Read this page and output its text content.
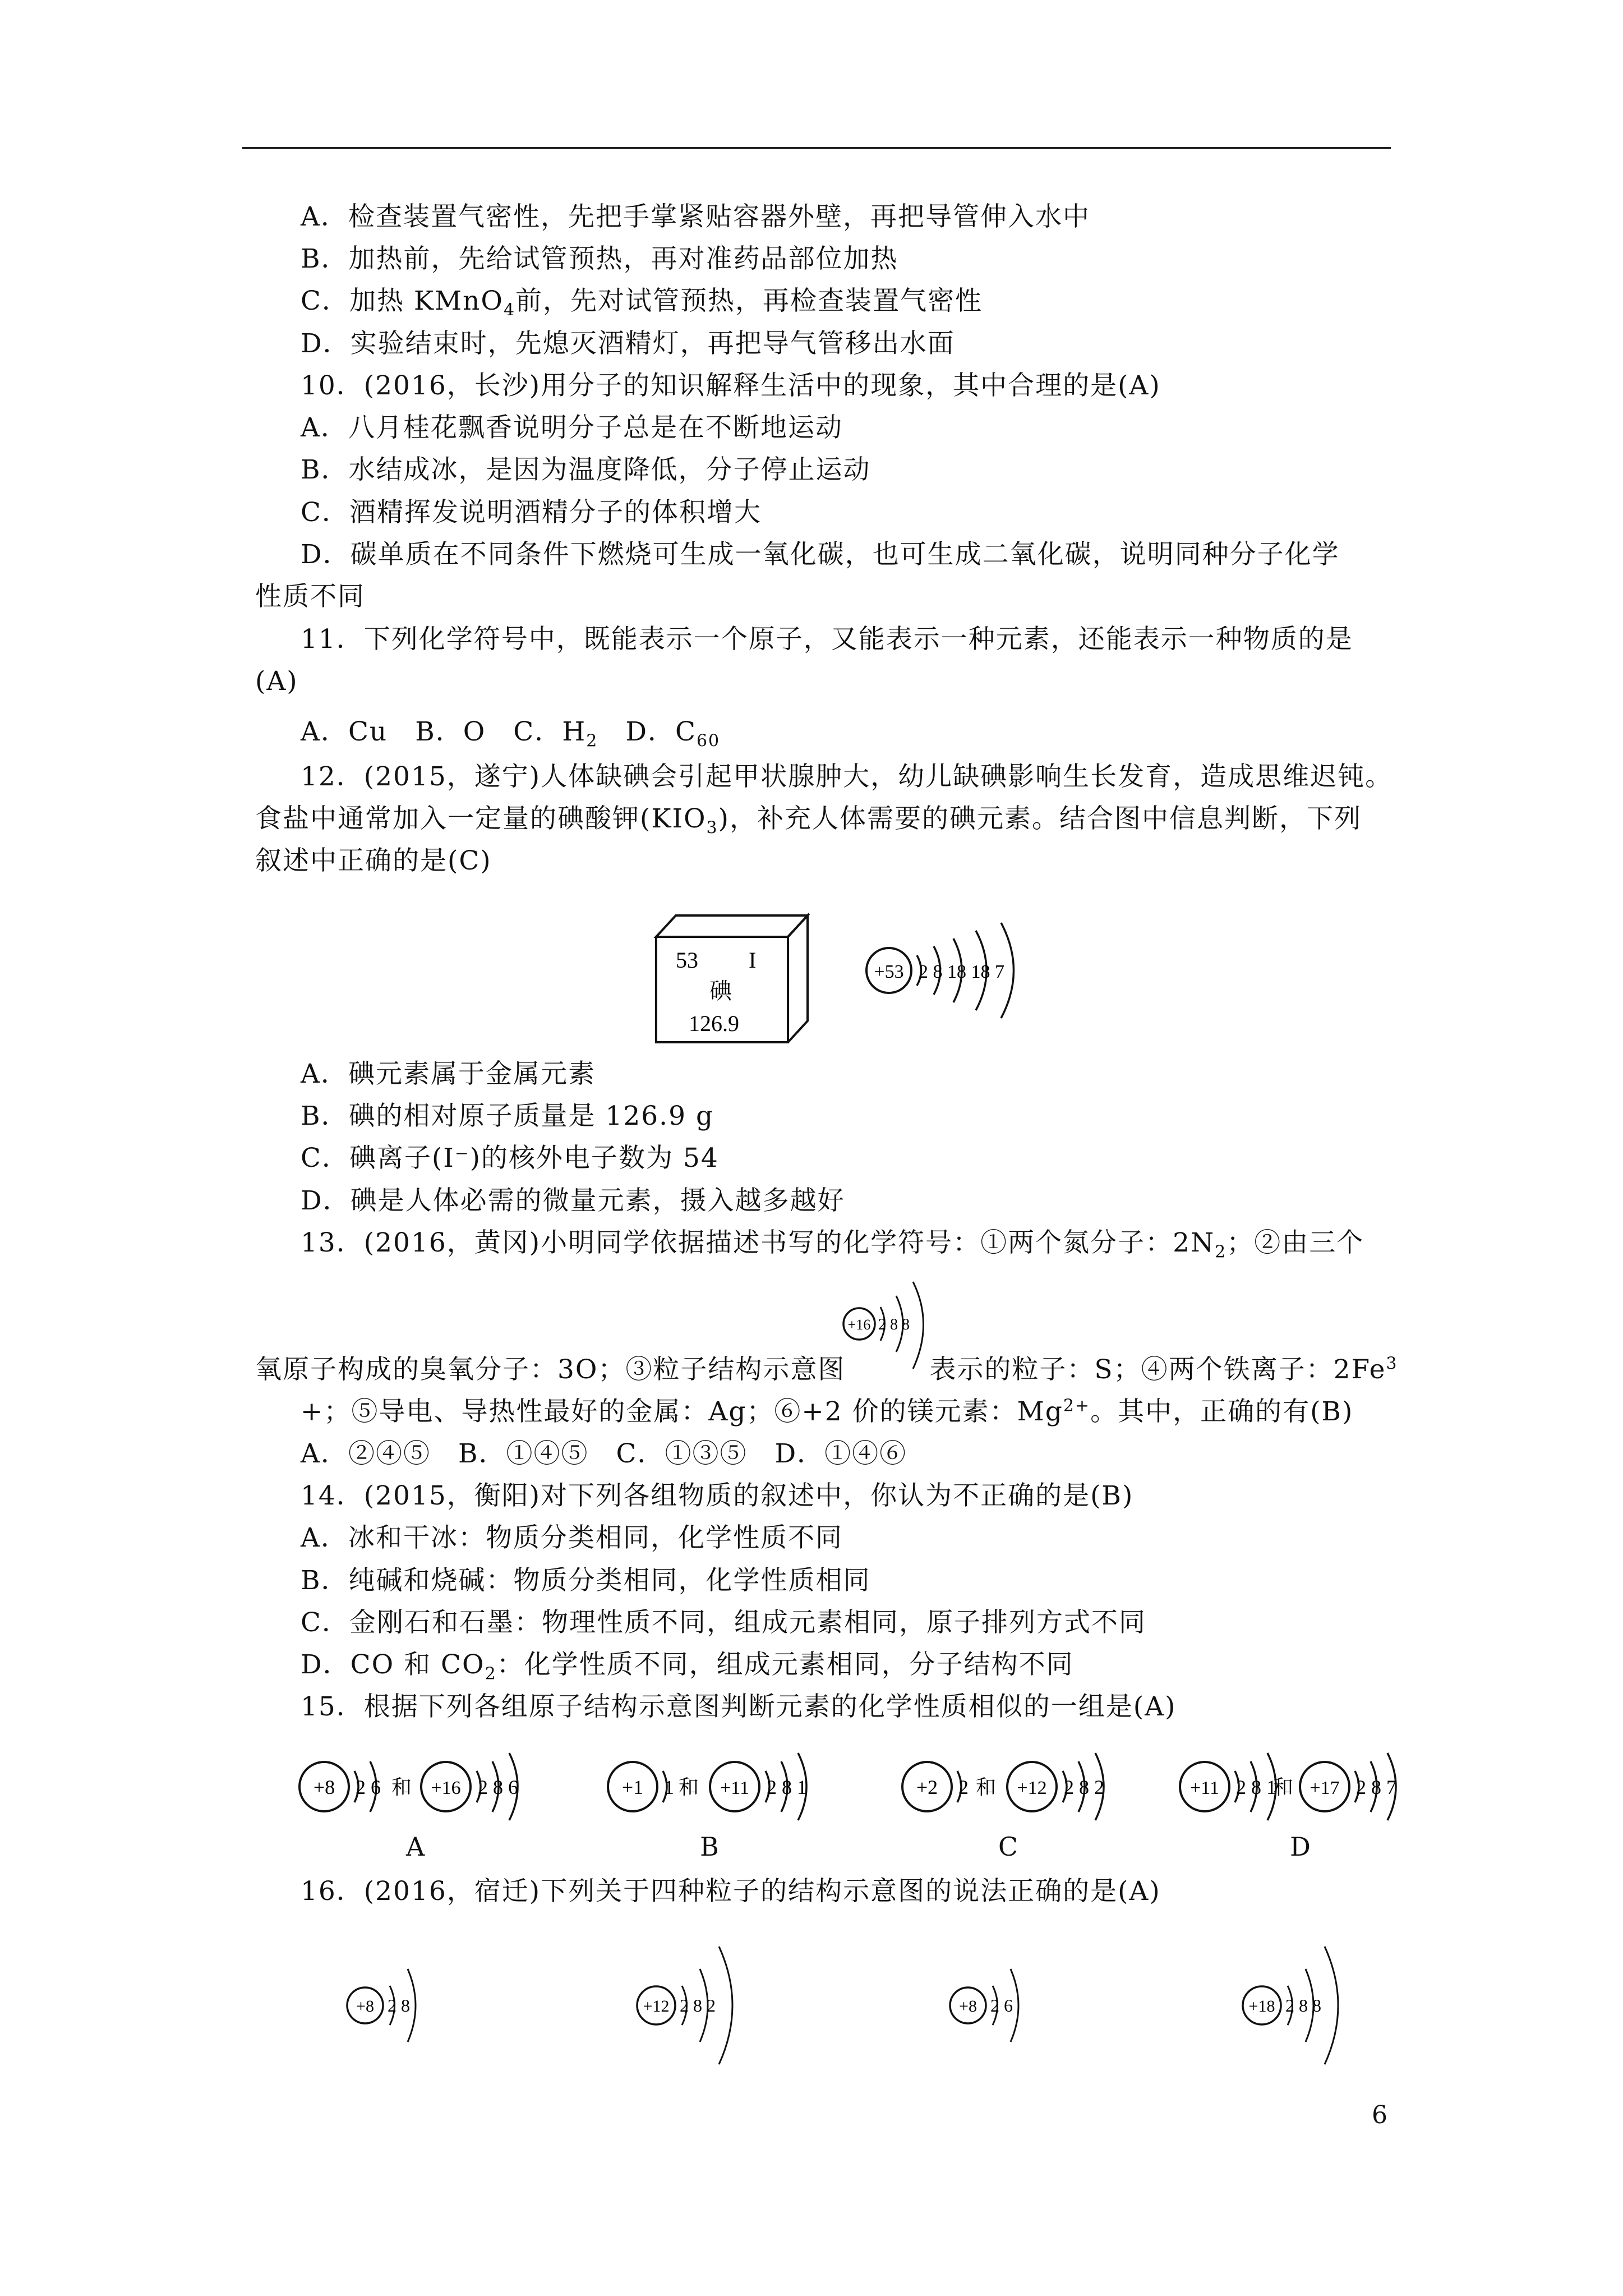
A．检查装置气密性，先把手掌紧贴容器外壁，再把导管伸入水中
B．加热前，先给试管预热，再对准药品部位加热
C．加热 KMnO$_4$前，先对试管预热，再检查装置气密性
D．实验结束时，先熄灭酒精灯，再把导气管移出水面
10．(2016，长沙)用分子的知识解释生活中的现象，其中合理的是(A)
A．八月桂花飘香说明分子总是在不断地运动
B．水结成冰，是因为温度降低，分子停止运动
C．酒精挥发说明酒精分子的体积增大
D．碳单质在不同条件下燃烧可生成一氧化碳，也可生成二氧化碳，说明同种分子化学
性质不同
11．下列化学符号中，既能表示一个原子，又能表示一种元素，还能表示一种物质的是
(A)
A．Cu　 B．O　 C．$H_2$　 D．$C_{60}$
12．(2015，遂宁)人体缺碘会引起甲状腺肿大，幼儿缺碘影响生长发育，造成思维迟钝。
食盐中通常加入一定量的碘酸钾$(KIO_3)$，补充人体需要的碘元素。结合图中信息判断，下列
叙述中正确的是(C)
53 I
碘
126.9
+53 2 8 18 18 7
A．碘元素属于金属元素
B．碘的相对原子质量是 126.9 g
C．碘离子(I⁻)的核外电子数为 54
D．碘是人体必需的微量元素，摄入越多越好
13．(2016，黄冈)小明同学依据描述书写的化学符号：①两个氮分子：$2N_2$；②由三个
+16 2 8 8
氧原子构成的臭氧分子：3O；③粒子结构示意图	表示的粒子：S；④两个铁离子：$2Fe^3$
+；⑤导电、导热性最好的金属：Ag；⑥+2 价的镁元素：$Mg^{2+}$。其中，正确的有(B)
A．②④⑤　B．①④⑤　C．①③⑤　D．①④⑥
14．(2015，衡阳)对下列各组物质的叙述中，你认为不正确的是(B)
A．冰和干冰：物质分类相同，化学性质不同
B．纯碱和烧碱：物质分类相同，化学性质相同
C．金刚石和石墨：物理性质不同，组成元素相同，原子排列方式不同
D．CO 和 $CO_2$：化学性质不同，组成元素相同，分子结构不同
15．根据下列各组原子结构示意图判断元素的化学性质相似的一组是(A)
+8 2 6 和 +16 2 8 6
A
+1 1 和 +11 2 8 1
B
+2 2 和 +12 2 8 2
C
+11 2 8 1
和 +17 2 8 7
D
16．(2016，宿迁)下列关于四种粒子的结构示意图的说法正确的是(A)
+8 2 8	+12 2 8 2	+8 2 6	+18 2 8 8
6
